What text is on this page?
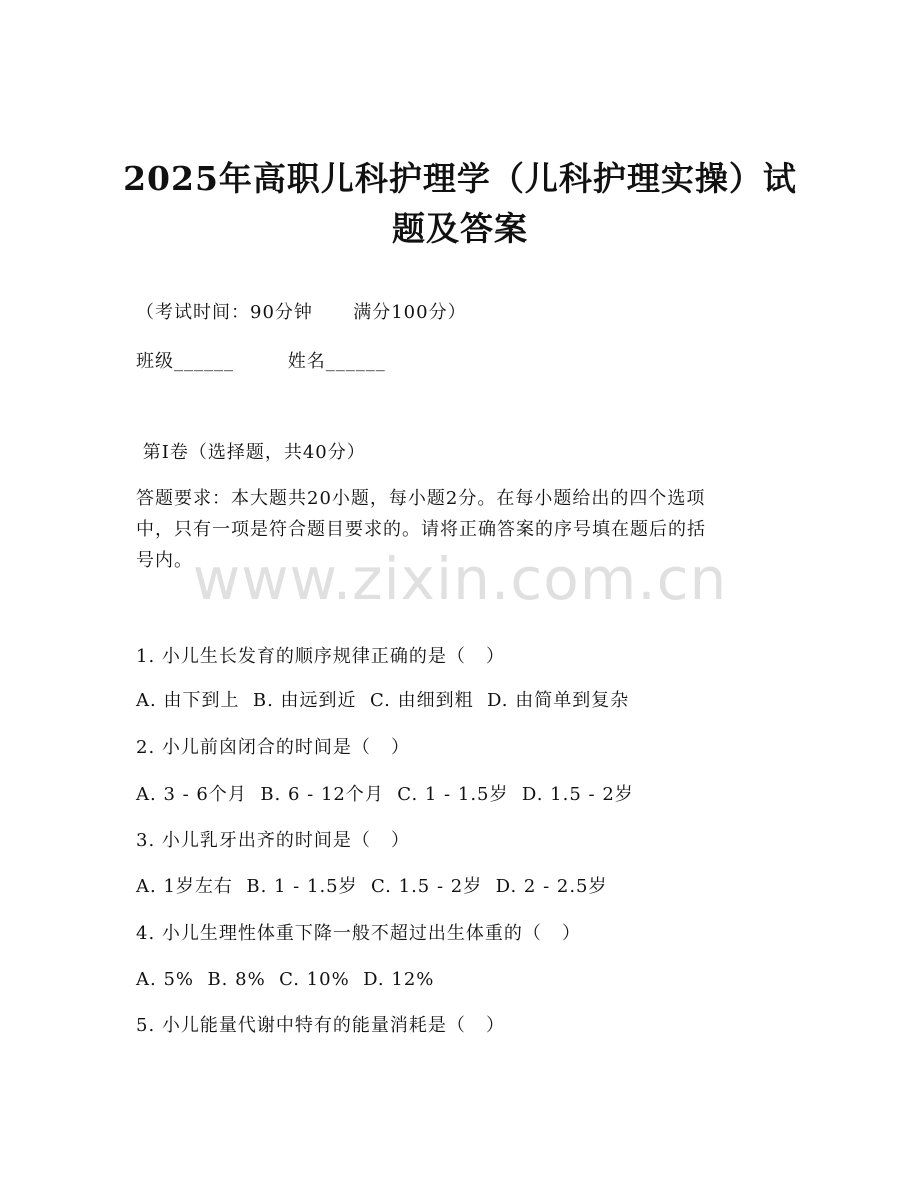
2025年高职儿科护理学（儿科护理实操）试
题及答案
（考试时间：90分钟      满分100分）
班级______        姓名______
第Ⅰ卷（选择题，共40分）
答题要求：本大题共20小题，每小题2分。在每小题给出的四个选项
中，只有一项是符合题目要求的。请将正确答案的序号填在题后的括
号内。 www.zixin.com.cn
1. 小儿生长发育的顺序规律正确的是（   ）
A. 由下到上  B. 由远到近  C. 由细到粗  D. 由简单到复杂
2. 小儿前囟闭合的时间是（   ）
A. 3 - 6个月  B. 6 - 12个月  C. 1 - 1.5岁  D. 1.5 - 2岁
3. 小儿乳牙出齐的时间是（   ）
A. 1岁左右  B. 1 - 1.5岁  C. 1.5 - 2岁  D. 2 - 2.5岁
4. 小儿生理性体重下降一般不超过出生体重的（   ）
A. 5%  B. 8%  C. 10%  D. 12%
5. 小儿能量代谢中特有的能量消耗是（   ）
